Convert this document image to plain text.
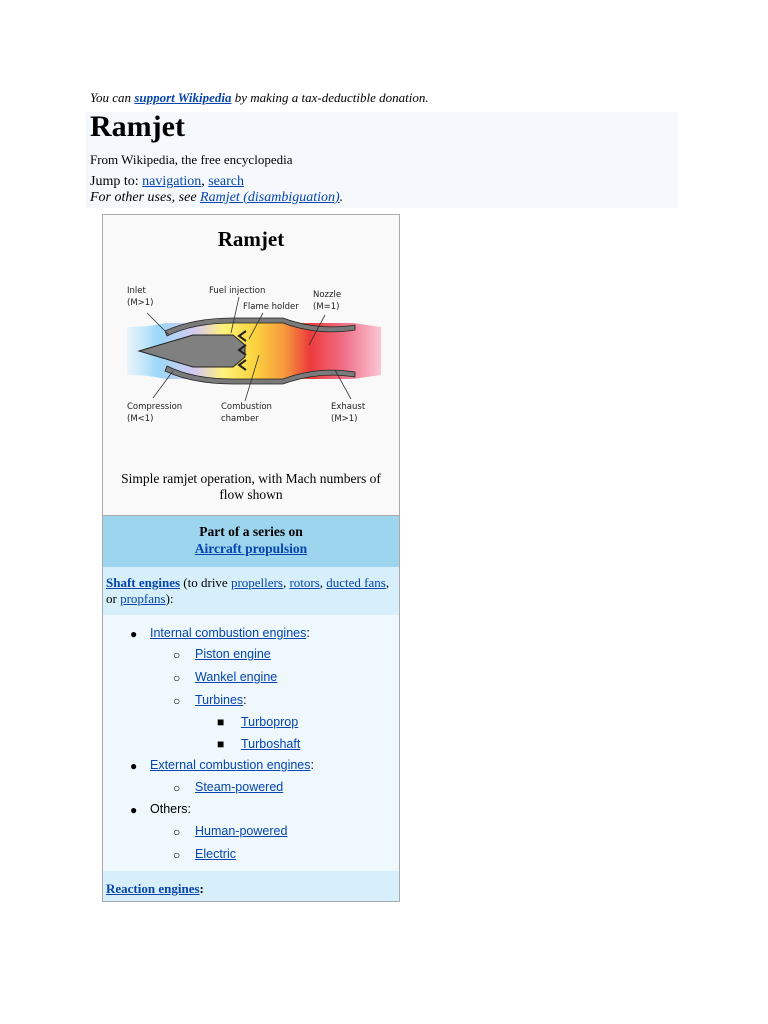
You can support Wikipedia by making a tax-deductible donation.
Ramjet
From Wikipedia, the free encyclopedia
Jump to: navigation, search
For other uses, see Ramjet (disambiguation).
Ramjet
Inlet
(M>1)
Fuel injection
Flame holder
Nozzle
(M=1)
Compression
(M<1)
Combustion
chamber
Exhaust
(M>1)
Simple ramjet operation, with Mach numbers of flow shown
Part of a series on
Aircraft propulsion
Shaft engines (to drive propellers, rotors, ducted fans, or propfans):
● Internal combustion engines:
○ Piston engine
○ Wankel engine
○ Turbines:
■ Turboprop
■ Turboshaft
● External combustion engines:
○ Steam-powered
● Others:
○ Human-powered
○ Electric
Reaction engines:
